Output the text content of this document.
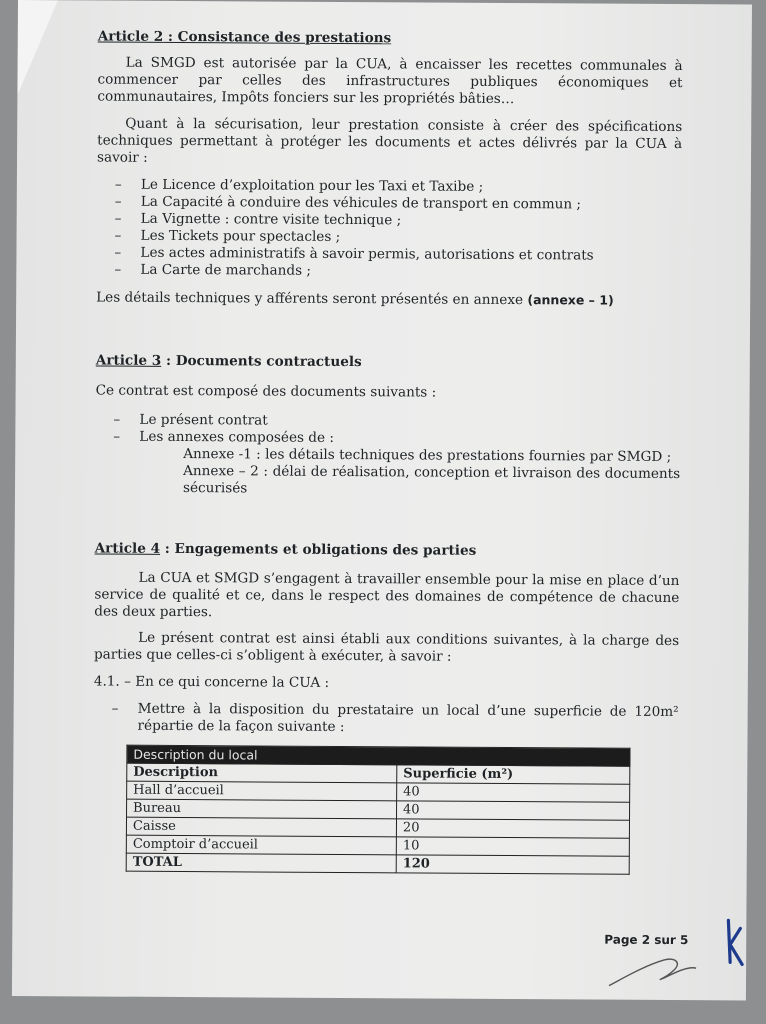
Article 2 : Consistance des prestations

La SMGD est autorisée par la CUA, à encaisser les recettes communales à commencer par celles des infrastructures publiques économiques et communautaires, Impôts fonciers sur les propriétés bâties…

Quant à la sécurisation, leur prestation consiste à créer des spécifications techniques permettant à protéger les documents et actes délivrés par la CUA à savoir :

– Le Licence d’exploitation pour les Taxi et Taxibe ;
– La Capacité à conduire des véhicules de transport en commun ;
– La Vignette : contre visite technique ;
– Les Tickets pour spectacles ;
– Les actes administratifs à savoir permis, autorisations et contrats
– La Carte de marchands ;

Les détails techniques y afférents seront présentés en annexe (annexe – 1)

Article 3 : Documents contractuels

Ce contrat est composé des documents suivants :

– Le présent contrat
– Les annexes composées de :

Annexe -1 : les détails techniques des prestations fournies par SMGD ;

Annexe – 2 : délai de réalisation, conception et livraison des documents sécurisés

Article 4 : Engagements et obligations des parties

La CUA et SMGD s’engagent à travailler ensemble pour la mise en place d’un service de qualité et ce, dans le respect des domaines de compétence de chacune des deux parties.

Le présent contrat est ainsi établi aux conditions suivantes, à la charge des parties que celles-ci s’obligent à exécuter, à savoir :

4.1. – En ce qui concerne la CUA :

– Mettre à la disposition du prestataire un local d’une superficie de 120m² répartie de la façon suivante :
Description du local	
Description	Superficie (m²)
Hall d’accueil	40
Bureau	40
Caisse	20
Comptoir d’accueil	10
TOTAL	120
Page 2 sur 5
